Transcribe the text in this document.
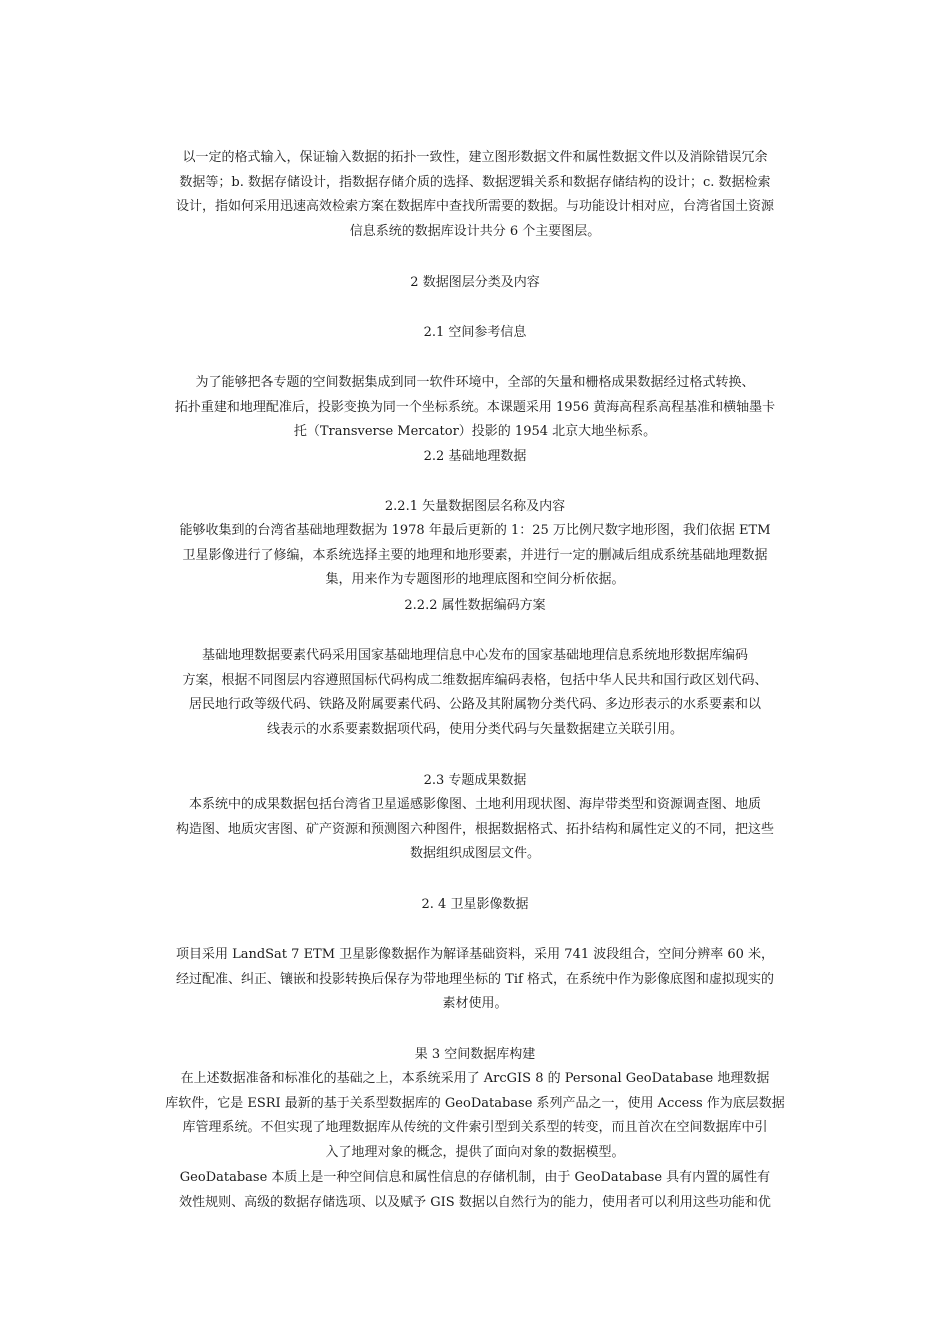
以一定的格式输入，保证输入数据的拓扑一致性，建立图形数据文件和属性数据文件以及消除错误冗余
数据等；b. 数据存储设计，指数据存储介质的选择、数据逻辑关系和数据存储结构的设计；c. 数据检索
设计，指如何采用迅速高效检索方案在数据库中查找所需要的数据。与功能设计相对应，台湾省国土资源
信息系统的数据库设计共分 6 个主要图层。
2 数据图层分类及内容
2.1 空间参考信息
为了能够把各专题的空间数据集成到同一软件环境中，全部的矢量和栅格成果数据经过格式转换、
拓扑重建和地理配准后，投影变换为同一个坐标系统。本课题采用 1956 黄海高程系高程基准和横轴墨卡
托（Transverse Mercator）投影的 1954 北京大地坐标系。
2.2 基础地理数据
2.2.1 矢量数据图层名称及内容
能够收集到的台湾省基础地理数据为 1978 年最后更新的 1：25 万比例尺数字地形图，我们依据 ETM
卫星影像进行了修编，本系统选择主要的地理和地形要素，并进行一定的删减后组成系统基础地理数据
集，用来作为专题图形的地理底图和空间分析依据。
2.2.2 属性数据编码方案
基础地理数据要素代码采用国家基础地理信息中心发布的国家基础地理信息系统地形数据库编码
方案，根据不同图层内容遵照国标代码构成二维数据库编码表格，包括中华人民共和国行政区划代码、
居民地行政等级代码、铁路及附属要素代码、公路及其附属物分类代码、多边形表示的水系要素和以
线表示的水系要素数据项代码，使用分类代码与矢量数据建立关联引用。
2.3 专题成果数据
本系统中的成果数据包括台湾省卫星遥感影像图、土地利用现状图、海岸带类型和资源调查图、地质
构造图、地质灾害图、矿产资源和预测图六种图件，根据数据格式、拓扑结构和属性定义的不同，把这些
数据组织成图层文件。
2. 4 卫星影像数据
项目采用 LandSat 7 ETM 卫星影像数据作为解译基础资料，采用 741 波段组合，空间分辨率 60 米，
经过配准、纠正、镶嵌和投影转换后保存为带地理坐标的 Tif 格式，在系统中作为影像底图和虚拟现实的
素材使用。
果 3 空间数据库构建
在上述数据准备和标准化的基础之上，本系统采用了 ArcGIS 8 的 Personal GeoDatabase 地理数据
库软件，它是 ESRI 最新的基于关系型数据库的 GeoDatabase 系列产品之一，使用 Access 作为底层数据
库管理系统。不但实现了地理数据库从传统的文件索引型到关系型的转变，而且首次在空间数据库中引
入了地理对象的概念，提供了面向对象的数据模型。
GeoDatabase 本质上是一种空间信息和属性信息的存储机制，由于 GeoDatabase 具有内置的属性有
效性规则、高级的数据存储选项、以及赋予 GIS 数据以自然行为的能力，使用者可以利用这些功能和优
